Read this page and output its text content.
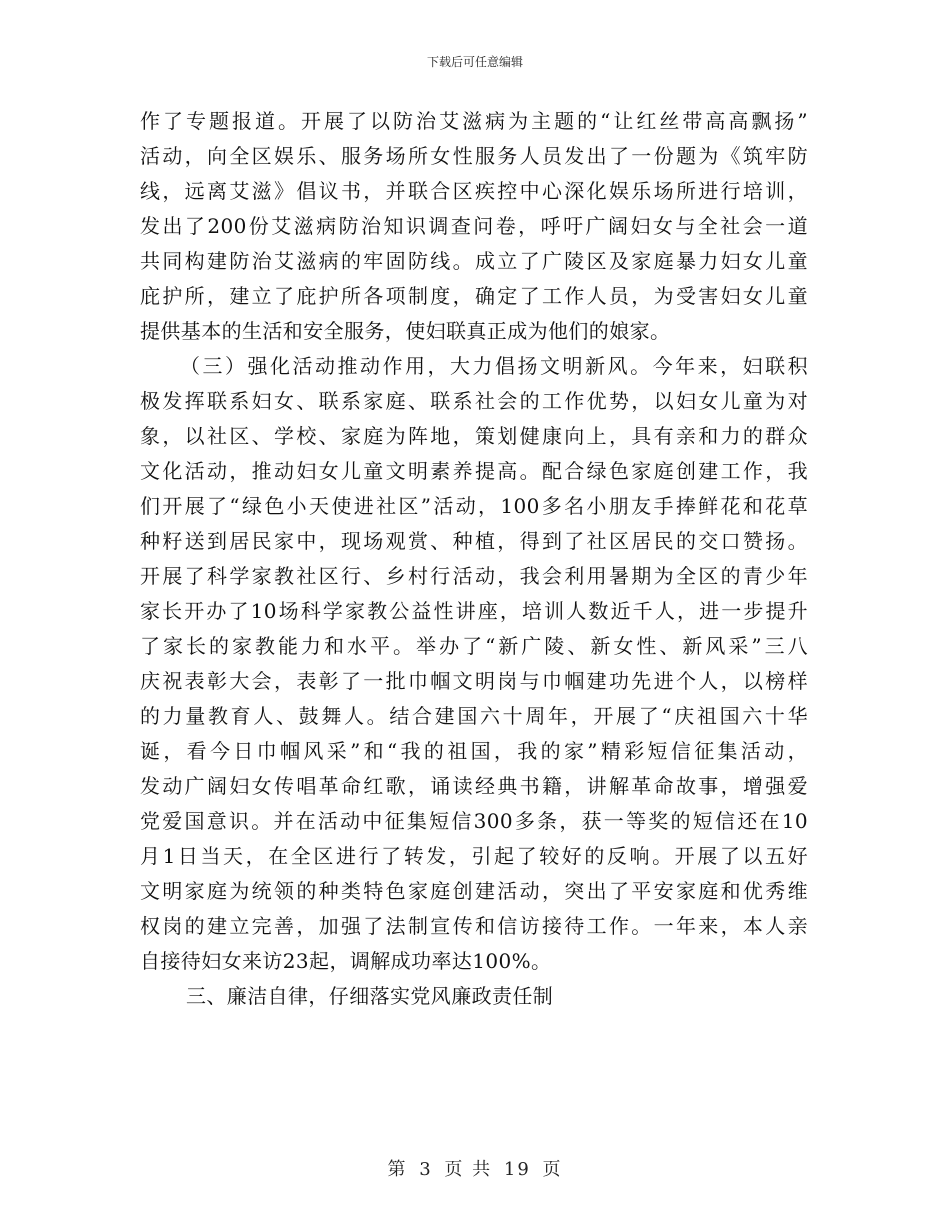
下载后可任意编辑
作了专题报道。开展了以防治艾滋病为主题的“让红丝带高高飘扬”
活动，向全区娱乐、服务场所女性服务人员发出了一份题为《筑牢防
线，远离艾滋》倡议书，并联合区疾控中心深化娱乐场所进行培训，
发出了200份艾滋病防治知识调查问卷，呼吁广阔妇女与全社会一道
共同构建防治艾滋病的牢固防线。成立了广陵区及家庭暴力妇女儿童
庇护所，建立了庇护所各项制度，确定了工作人员，为受害妇女儿童
提供基本的生活和安全服务，使妇联真正成为他们的娘家。
（三）强化活动推动作用，大力倡扬文明新风。今年来，妇联积
极发挥联系妇女、联系家庭、联系社会的工作优势，以妇女儿童为对
象，以社区、学校、家庭为阵地，策划健康向上，具有亲和力的群众
文化活动，推动妇女儿童文明素养提高。配合绿色家庭创建工作，我
们开展了“绿色小天使进社区”活动，100多名小朋友手捧鲜花和花草
种籽送到居民家中，现场观赏、种植，得到了社区居民的交口赞扬。
开展了科学家教社区行、乡村行活动，我会利用暑期为全区的青少年
家长开办了10场科学家教公益性讲座，培训人数近千人，进一步提升
了家长的家教能力和水平。举办了“新广陵、新女性、新风采”三八
庆祝表彰大会，表彰了一批巾帼文明岗与巾帼建功先进个人，以榜样
的力量教育人、鼓舞人。结合建国六十周年，开展了“庆祖国六十华
诞，看今日巾帼风采”和“我的祖国，我的家”精彩短信征集活动，
发动广阔妇女传唱革命红歌，诵读经典书籍，讲解革命故事，增强爱
党爱国意识。并在活动中征集短信300多条，获一等奖的短信还在10
月1日当天，在全区进行了转发，引起了较好的反响。开展了以五好
文明家庭为统领的种类特色家庭创建活动，突出了平安家庭和优秀维
权岗的建立完善，加强了法制宣传和信访接待工作。一年来，本人亲
自接待妇女来访23起，调解成功率达100%。
三、廉洁自律，仔细落实党风廉政责任制
第 3 页 共 19 页
